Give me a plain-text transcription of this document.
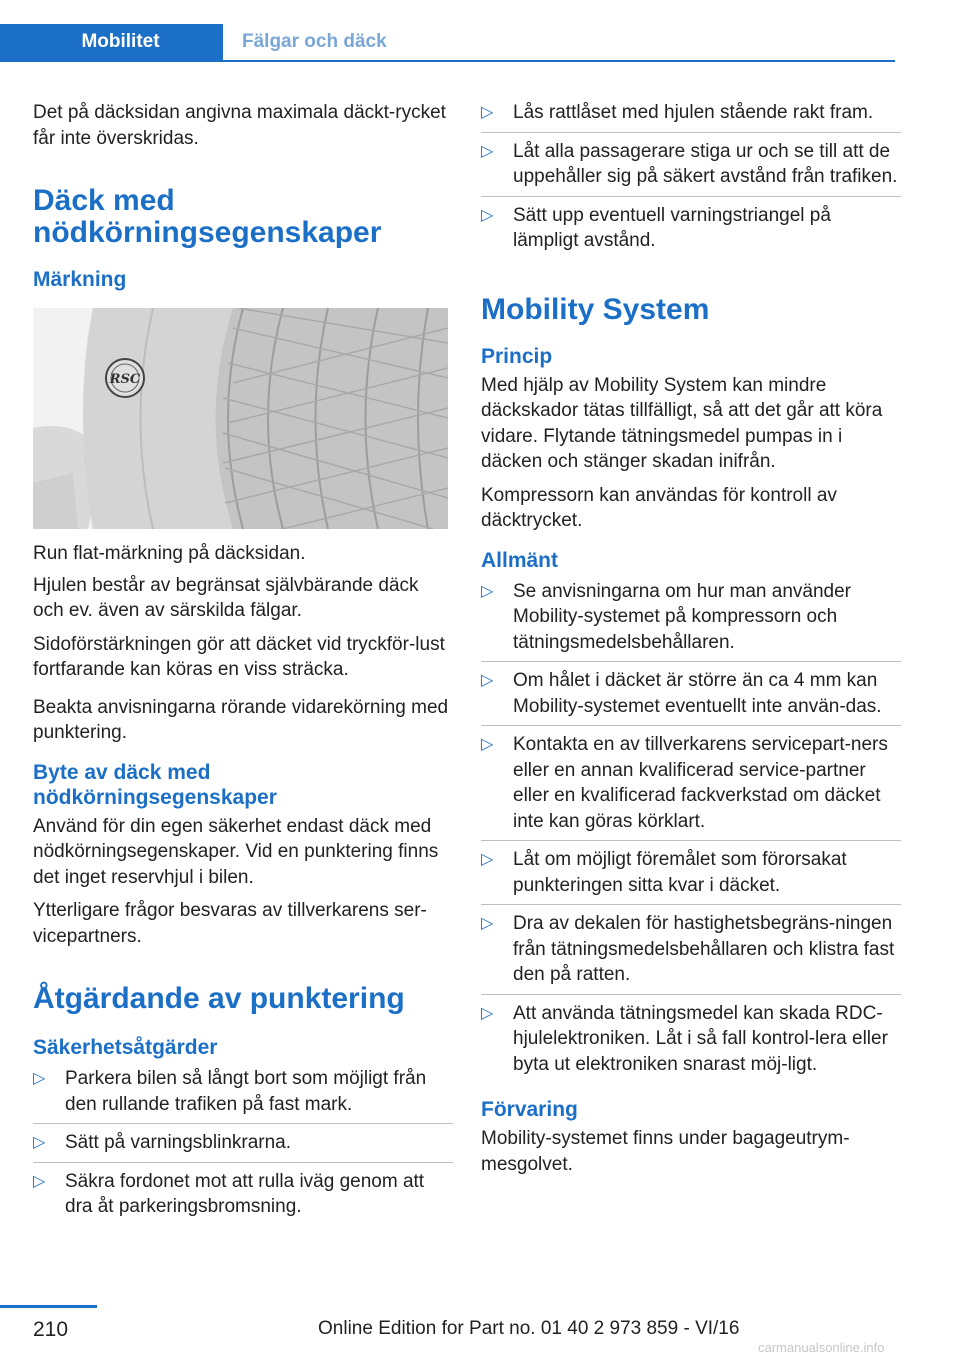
Mobilitet	Fälgar och däck

Det på däcksidan angivna maximala däckt‐rycket får inte överskridas.

Däck med nödkörningsegenskaper
Märkning
RSC

Run flat-märkning på däcksidan.

Hjulen består av begränsat självbärande däck och ev. även av särskilda fälgar.

Sidoförstärkningen gör att däcket vid tryckför‐lust fortfarande kan köras en viss sträcka.

Beakta anvisningarna rörande vidarekörning med punktering.

Byte av däck med nödkörningsegenskaper

Använd för din egen säkerhet endast däck med nödkörningsegenskaper. Vid en punktering finns det inget reservhjul i bilen.

Ytterligare frågor besvaras av tillverkarens ser‐vicepartners.

Åtgärdande av punktering
Säkerhetsåtgärder
▷ Parkera bilen så långt bort som möjligt från den rullande trafiken på fast mark.
▷ Sätt på varningsblinkrarna.
▷ Säkra fordonet mot att rulla iväg genom att dra åt parkeringsbromsning.
▷ Lås rattlåset med hjulen stående rakt fram.
▷ Låt alla passagerare stiga ur och se till att de uppehåller sig på säkert avstånd från trafiken.
▷ Sätt upp eventuell varningstriangel på lämpligt avstånd.
Mobility System
Princip

Med hjälp av Mobility System kan mindre däckskador tätas tillfälligt, så att det går att köra vidare. Flytande tätningsmedel pumpas in i däcken och stänger skadan inifrån.

Kompressorn kan användas för kontroll av däcktrycket.

Allmänt
▷ Se anvisningarna om hur man använder Mobility-systemet på kompressorn och tätningsmedelsbehållaren.
▷ Om hålet i däcket är större än ca 4 mm kan Mobility-systemet eventuellt inte använ‐das.
▷ Kontakta en av tillverkarens servicepart‐ners eller en annan kvalificerad service‐partner eller en kvalificerad fackverkstad om däcket inte kan göras körklart.
▷ Låt om möjligt föremålet som förorsakat punkteringen sitta kvar i däcket.
▷ Dra av dekalen för hastighetsbegräns‐ningen från tätningsmedelsbehållaren och klistra fast den på ratten.
▷ Att använda tätningsmedel kan skada RDC-hjulelektroniken. Låt i så fall kontrol‐lera eller byta ut elektroniken snarast möj‐ligt.
Förvaring

Mobility-systemet finns under bagageutrym‐mesgolvet.

210	Online Edition for Part no. 01 40 2 973 859 - VI/16
carmanualsonline.info
